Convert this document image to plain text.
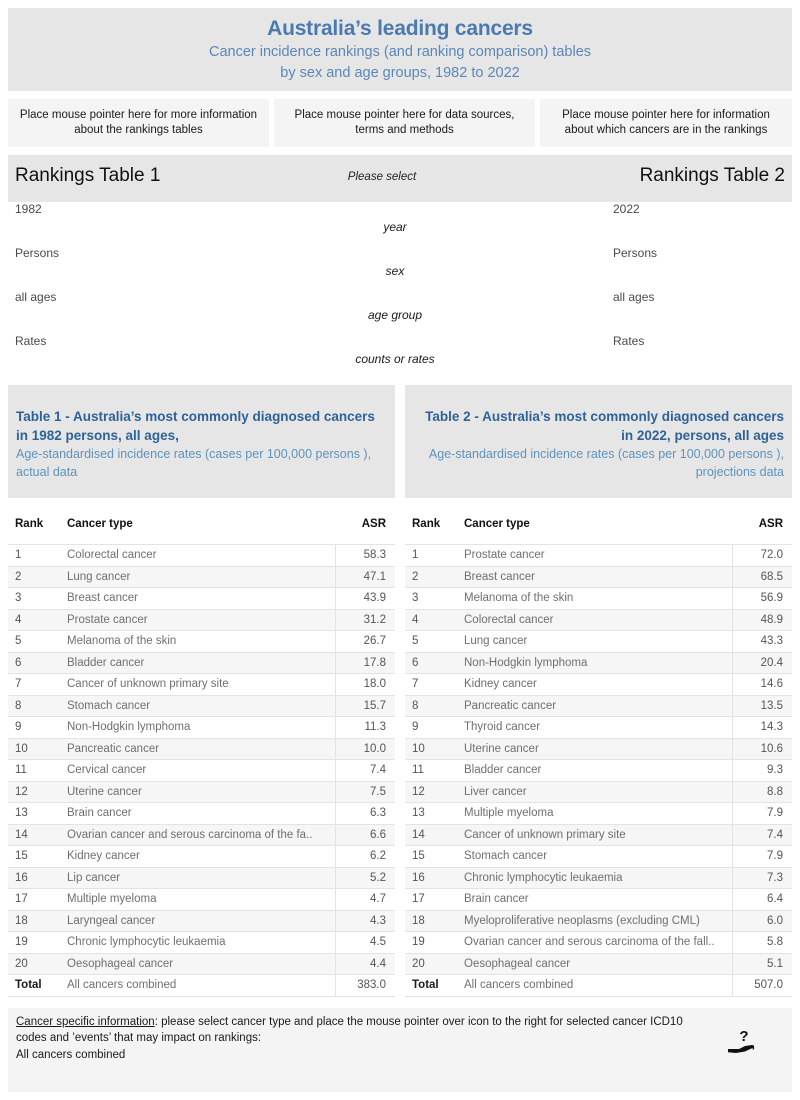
Australia’s leading cancers
Cancer incidence rankings (and ranking comparison) tables
by sex and age groups, 1982 to 2022
Place mouse pointer here for more information about the rankings tables
Place mouse pointer here for data sources, terms and methods
Place mouse pointer here for information about which cancers are in the rankings
Rankings Table 1	Please select	Rankings Table 2
1982
year
2022
Persons
sex
Persons
all ages
age group
all ages
Rates
counts or rates
Rates
Table 1 - Australia’s most commonly diagnosed cancers in 1982 persons, all ages,
Age-standardised incidence rates (cases per 100,000 persons ), actual data
Table 2 - Australia’s most commonly diagnosed cancers in 2022, persons, all ages
Age-standardised incidence rates (cases per 100,000 persons ), projections data
Rank	Cancer type	ASR
1	Colorectal cancer	58.3
2	Lung cancer	47.1
3	Breast cancer	43.9
4	Prostate cancer	31.2
5	Melanoma of the skin	26.7
6	Bladder cancer	17.8
7	Cancer of unknown primary site	18.0
8	Stomach cancer	15.7
9	Non-Hodgkin lymphoma	11.3
10	Pancreatic cancer	10.0
11	Cervical cancer	7.4
12	Uterine cancer	7.5
13	Brain cancer	6.3
14	Ovarian cancer and serous carcinoma of the fa..	6.6
15	Kidney cancer	6.2
16	Lip cancer	5.2
17	Multiple myeloma	4.7
18	Laryngeal cancer	4.3
19	Chronic lymphocytic leukaemia	4.5
20	Oesophageal cancer	4.4
Total	All cancers combined	383.0
Rank	Cancer type	ASR
1	Prostate cancer	72.0
2	Breast cancer	68.5
3	Melanoma of the skin	56.9
4	Colorectal cancer	48.9
5	Lung cancer	43.3
6	Non-Hodgkin lymphoma	20.4
7	Kidney cancer	14.6
8	Pancreatic cancer	13.5
9	Thyroid cancer	14.3
10	Uterine cancer	10.6
11	Bladder cancer	9.3
12	Liver cancer	8.8
13	Multiple myeloma	7.9
14	Cancer of unknown primary site	7.4
15	Stomach cancer	7.9
16	Chronic lymphocytic leukaemia	7.3
17	Brain cancer	6.4
18	Myeloproliferative neoplasms (excluding CML)	6.0
19	Ovarian cancer and serous carcinoma of the fall..	5.8
20	Oesophageal cancer	5.1
Total	All cancers combined	507.0
Cancer specific information: please select cancer type and place the mouse pointer over icon to the right for selected cancer ICD10 codes and ’events’ that may impact on rankings:
All cancers combined
?
